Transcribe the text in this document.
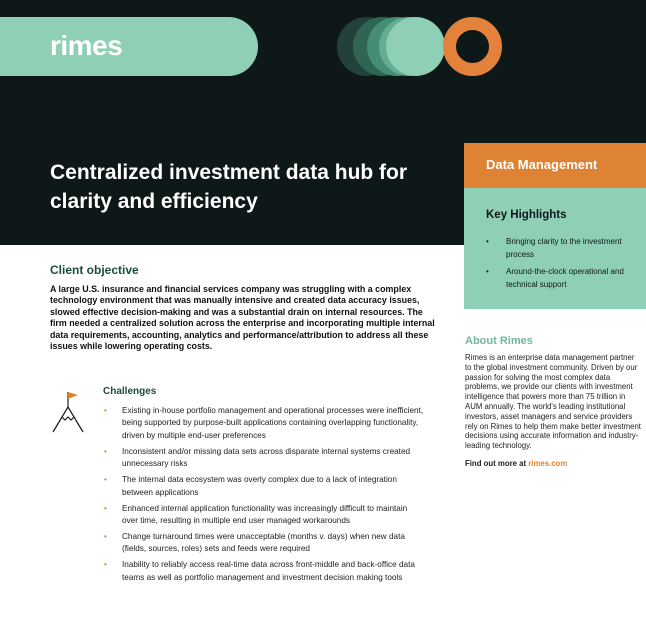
rimes
Centralized investment data hub for clarity and efficiency
Data Management
Key Highlights
• Bringing clarity to the investment process
• Around-the-clock operational and technical support
About Rimes

Rimes is an enterprise data management partner to the global investment community. Driven by our passion for solving the most complex data problems, we provide our clients with investment intelligence that powers more than 75 trillion in AUM annually. The world's leading institutional investors, asset managers and service providers rely on Rimes to help them make better investment decisions using accurate information and industry-leading technology.

Find out more at rimes.com
Client objective

A large U.S. insurance and financial services company was struggling with a complex technology environment that was manually intensive and created data accuracy issues, slowed effective decision-making and was a substantial drain on internal resources. The firm needed a centralized solution across the enterprise and incorporating multiple internal data requirements, accounting, analytics and performance/attribution to address all these issues while lowering operating costs.

Challenges
• Existing in-house portfolio management and operational processes were inefficient, being supported by purpose-built applications containing overlapping functionality, driven by multiple end-user preferences
• Inconsistent and/or missing data sets across disparate internal systems created unnecessary risks
• The internal data ecosystem was overly complex due to a lack of integration between applications
• Enhanced internal application functionality was increasingly difficult to maintain over time, resulting in multiple end user managed workarounds
• Change turnaround times were unacceptable (months v. days) when new data (fields, sources, roles) sets and feeds were required
• Inability to reliably access real-time data across front-middle and back-office data teams as well as portfolio management and investment decision making tools
